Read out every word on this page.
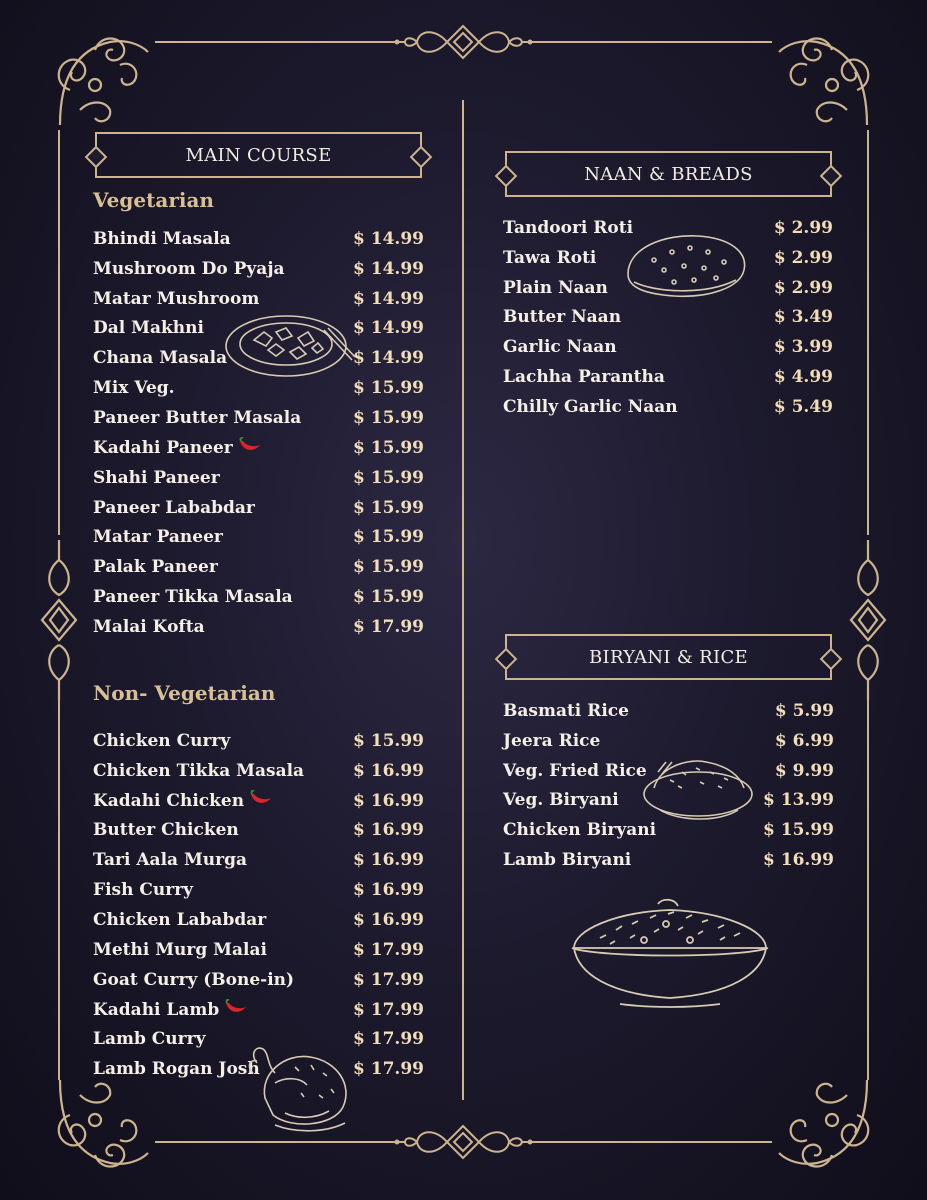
MAIN COURSE
Vegetarian
Bhindi Masala	$ 14.99
Mushroom Do Pyaja	$ 14.99
Matar Mushroom	$ 14.99
Dal Makhni	$ 14.99
Chana Masala	$ 14.99
Mix Veg.	$ 15.99
Paneer Butter Masala	$ 15.99
Kadahi Paneer	$ 15.99
Shahi Paneer	$ 15.99
Paneer Lababdar	$ 15.99
Matar Paneer	$ 15.99
Palak Paneer	$ 15.99
Paneer Tikka Masala	$ 15.99
Malai Kofta	$ 17.99
Non- Vegetarian
Chicken Curry	$ 15.99
Chicken Tikka Masala	$ 16.99
Kadahi Chicken	$ 16.99
Butter Chicken	$ 16.99
Tari Aala Murga	$ 16.99
Fish Curry	$ 16.99
Chicken Lababdar	$ 16.99
Methi Murg Malai	$ 17.99
Goat Curry (Bone-in)	$ 17.99
Kadahi Lamb	$ 17.99
Lamb Curry	$ 17.99
Lamb Rogan Josh	$ 17.99
NAAN & BREADS
Tandoori Roti	$ 2.99
Tawa Roti	$ 2.99
Plain Naan	$ 2.99
Butter Naan	$ 3.49
Garlic Naan	$ 3.99
Lachha Parantha	$ 4.99
Chilly Garlic Naan	$ 5.49
BIRYANI & RICE
Basmati Rice	$ 5.99
Jeera Rice	$ 6.99
Veg. Fried Rice	$ 9.99
Veg. Biryani	$ 13.99
Chicken Biryani	$ 15.99
Lamb Biryani	$ 16.99
